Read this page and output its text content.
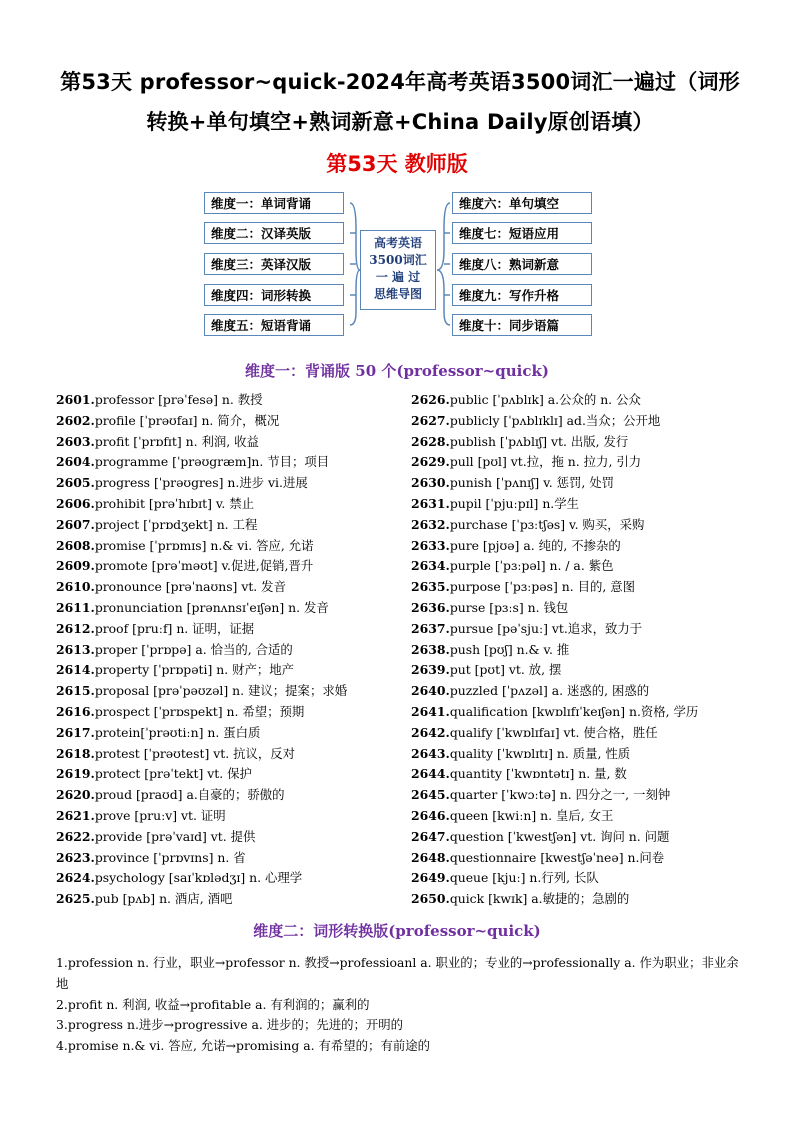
第53天 professor~quick-2024年高考英语3500词汇一遍过（词形转换+单句填空+熟词新意+China Daily原创语填）
第53天 教师版
维度一：单词背诵
维度二：汉译英版
维度三：英译汉版
维度四：词形转换
维度五：短语背诵
高考英语
3500词汇
一 遍 过
思维导图
维度六：单句填空
维度七：短语应用
维度八：熟词新意
维度九：写作升格
维度十：同步语篇
维度一：背诵版 50 个(professor~quick)
2601.professor [prəˈfesə] n. 教授
2602.profile [ˈprəʊfaɪ] n. 简介，概况
2603.profit [ˈprɒfɪt] n. 利润, 收益
2604.programme [ˈprəʊgræm]n. 节目；项目
2605.progress [ˈprəʊgres] n.进步 vi.进展
2606.prohibit [prəˈhɪbɪt] v. 禁止
2607.project [ˈprɒdʒekt] n. 工程
2608.promise [ˈprɒmɪs] n.& vi. 答应, 允诺
2609.promote [prəˈməʊt] v.促进,促销,晋升
2610.pronounce [prəˈnaʊns] vt. 发音
2611.pronunciation [prənʌnsɪˈeɪʃən] n. 发音
2612.proof [pruːf] n. 证明，证据
2613.proper [ˈprɒpə] a. 恰当的, 合适的
2614.property [ˈprɒpəti] n. 财产；地产
2615.proposal [prəˈpəʊzəl] n. 建议；提案；求婚
2616.prospect [ˈprɒspekt] n. 希望；预期
2617.protein[ˈprəʊtiːn] n. 蛋白质
2618.protest [ˈprəʊtest] vt. 抗议，反对
2619.protect [prəˈtekt] vt. 保护
2620.proud [praʊd] a.自豪的；骄傲的
2621.prove [pruːv] vt. 证明
2622.provide [prəˈvaɪd] vt. 提供
2623.province [ˈprɒvɪns] n. 省
2624.psychology [saɪˈkɒlədʒɪ] n. 心理学
2625.pub [pʌb] n. 酒店, 酒吧
2626.public [ˈpʌblɪk] a.公众的 n. 公众
2627.publicly [ˈpʌblɪklɪ] ad.当众；公开地
2628.publish [ˈpʌblɪʃ] vt. 出版, 发行
2629.pull [pʊl] vt.拉，拖 n. 拉力, 引力
2630.punish [ˈpʌnɪʃ] v. 惩罚, 处罚
2631.pupil [ˈpjuːpɪl] n.学生
2632.purchase [ˈpɜːtʃəs] v. 购买，采购
2633.pure [pjʊə] a. 纯的, 不掺杂的
2634.purple [ˈpɜːpəl] n. / a. 紫色
2635.purpose [ˈpɜːpəs] n. 目的, 意图
2636.purse [pɜːs] n. 钱包
2637.pursue [pəˈsjuː] vt.追求，致力于
2638.push [pʊʃ] n.& v. 推
2639.put [pʊt] vt. 放, 摆
2640.puzzled [ˈpʌzəl] a. 迷惑的, 困惑的
2641.qualification [kwɒlɪfɪˈkeɪʃən] n.资格, 学历
2642.qualify [ˈkwɒlɪfaɪ] vt. 使合格，胜任
2643.quality [ˈkwɒlɪtɪ] n. 质量, 性质
2644.quantity [ˈkwɒntətɪ] n. 量, 数
2645.quarter [ˈkwɔːtə] n. 四分之一, 一刻钟
2646.queen [kwiːn] n. 皇后, 女王
2647.question [ˈkwestʃən] vt. 询问 n. 问题
2648.questionnaire [kwestʃəˈneə] n.问卷
2649.queue [kjuː] n.行列, 长队
2650.quick [kwɪk] a.敏捷的；急剧的
维度二：词形转换版(professor~quick)
1.profession n. 行业，职业→professor n. 教授→professioanl a. 职业的；专业的→professionally a. 作为职业；非业余地
2.profit n. 利润, 收益→profitable a. 有利润的；赢利的
3.progress n.进步→progressive a. 进步的；先进的；开明的
4.promise n.& vi. 答应, 允诺→promising a. 有希望的；有前途的
